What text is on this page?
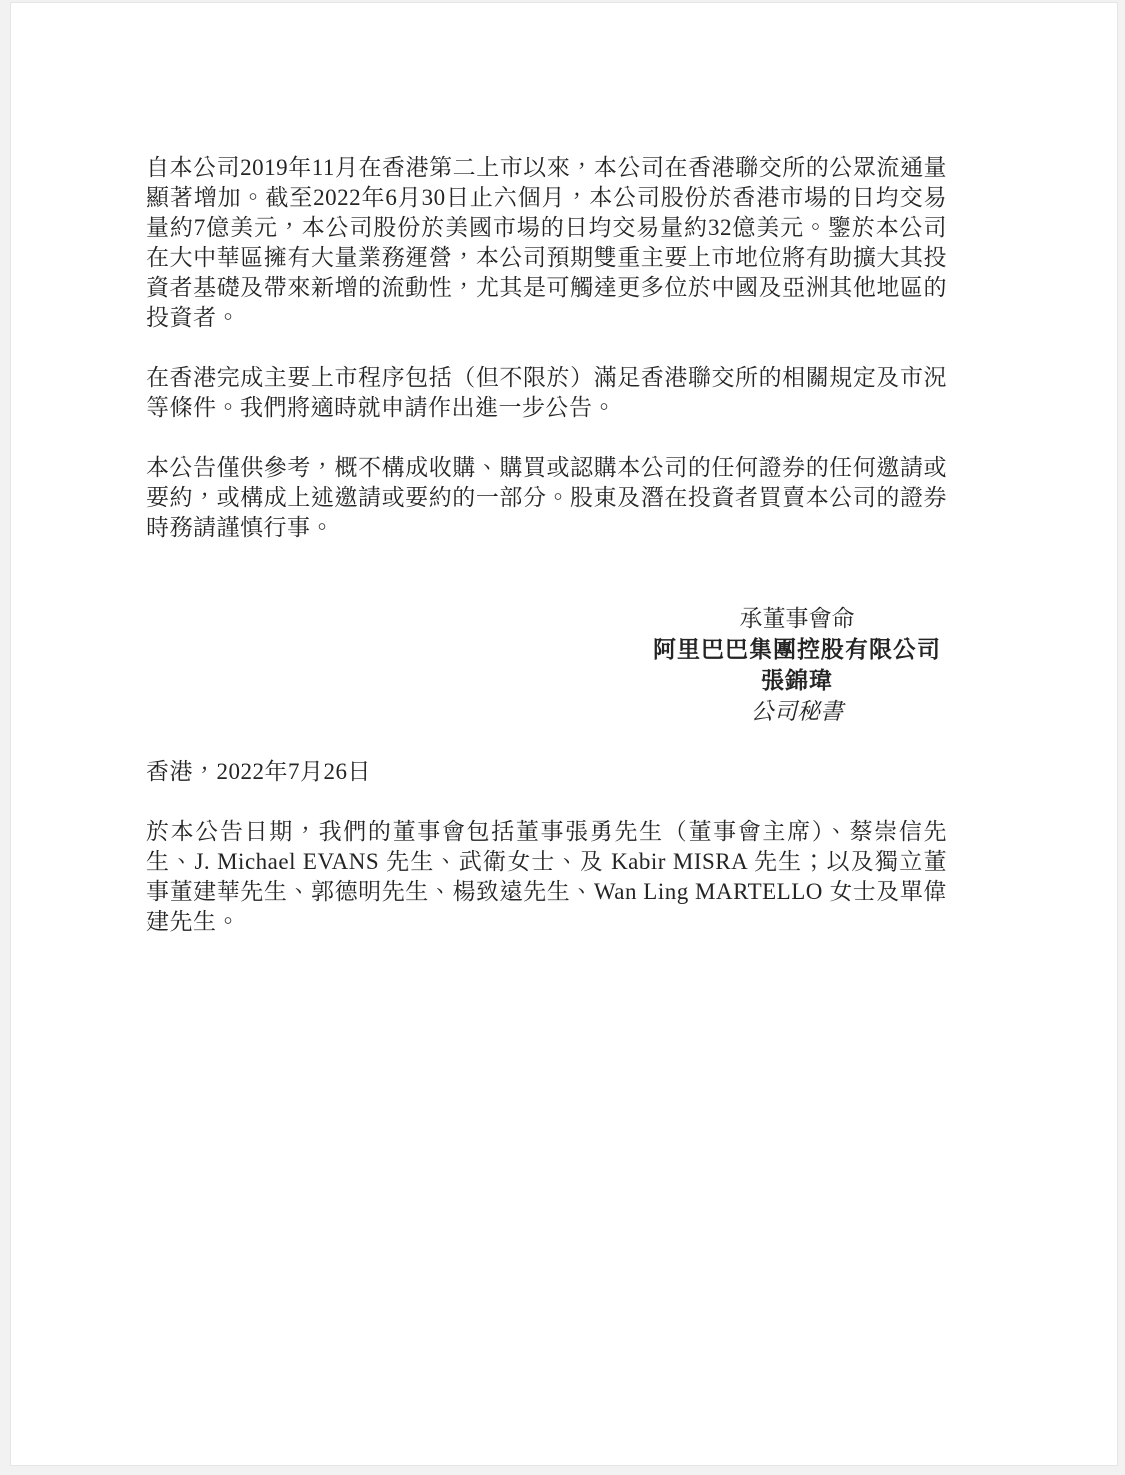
自本公司2019年11月在香港第二上市以來，本公司在香港聯交所的公眾流通量顯著增加。截至2022年6月30日止六個月，本公司股份於香港市場的日均交易量約7億美元，本公司股份於美國市場的日均交易量約32億美元。鑒於本公司在大中華區擁有大量業務運營，本公司預期雙重主要上市地位將有助擴大其投資者基礎及帶來新增的流動性，尤其是可觸達更多位於中國及亞洲其他地區的投資者。

在香港完成主要上市程序包括（但不限於）滿足香港聯交所的相關規定及市況等條件。我們將適時就申請作出進一步公告。

本公告僅供參考，概不構成收購、購買或認購本公司的任何證券的任何邀請或要約，或構成上述邀請或要約的一部分。股東及潛在投資者買賣本公司的證券時務請謹慎行事。

承董事會命
阿里巴巴集團控股有限公司
張錦瑋
公司秘書

香港，2022年7月26日

於本公告日期，我們的董事會包括董事張勇先生（董事會主席）、蔡崇信先生、J. Michael EVANS 先生、武衛女士、及 Kabir MISRA 先生；以及獨立董事董建華先生、郭德明先生、楊致遠先生、Wan Ling MARTELLO 女士及單偉建先生。
